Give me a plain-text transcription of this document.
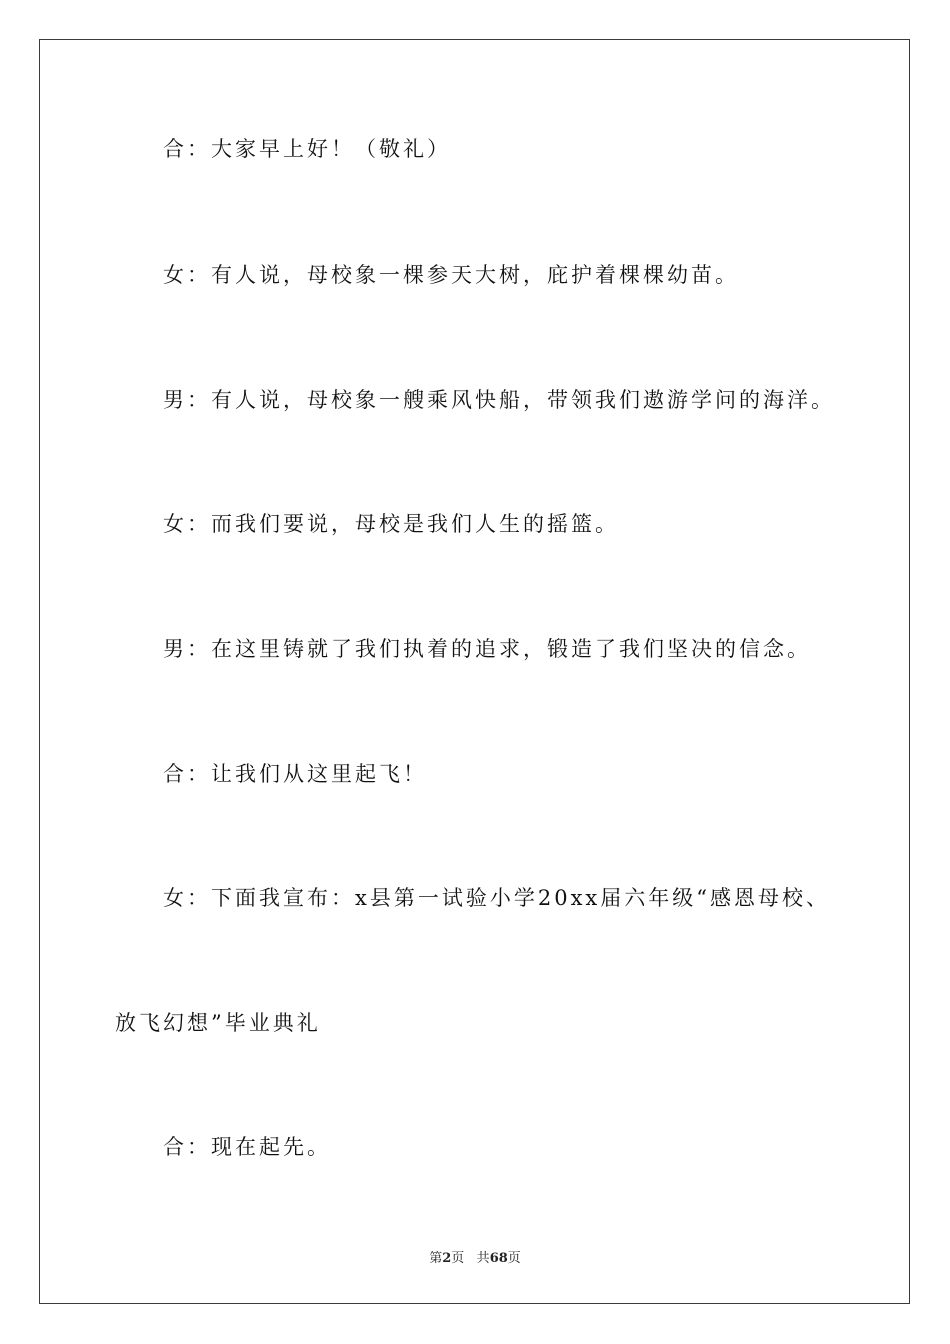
合：大家早上好！（敬礼）
女：有人说，母校象一棵参天大树，庇护着棵棵幼苗。
男：有人说，母校象一艘乘风快船，带领我们遨游学问的海洋。
女：而我们要说，母校是我们人生的摇篮。
男：在这里铸就了我们执着的追求，锻造了我们坚决的信念。
合：让我们从这里起飞！
女：下面我宣布：x县第一试验小学20xx届六年级“感恩母校、
放飞幻想”毕业典礼
合：现在起先。
第2页 共68页
